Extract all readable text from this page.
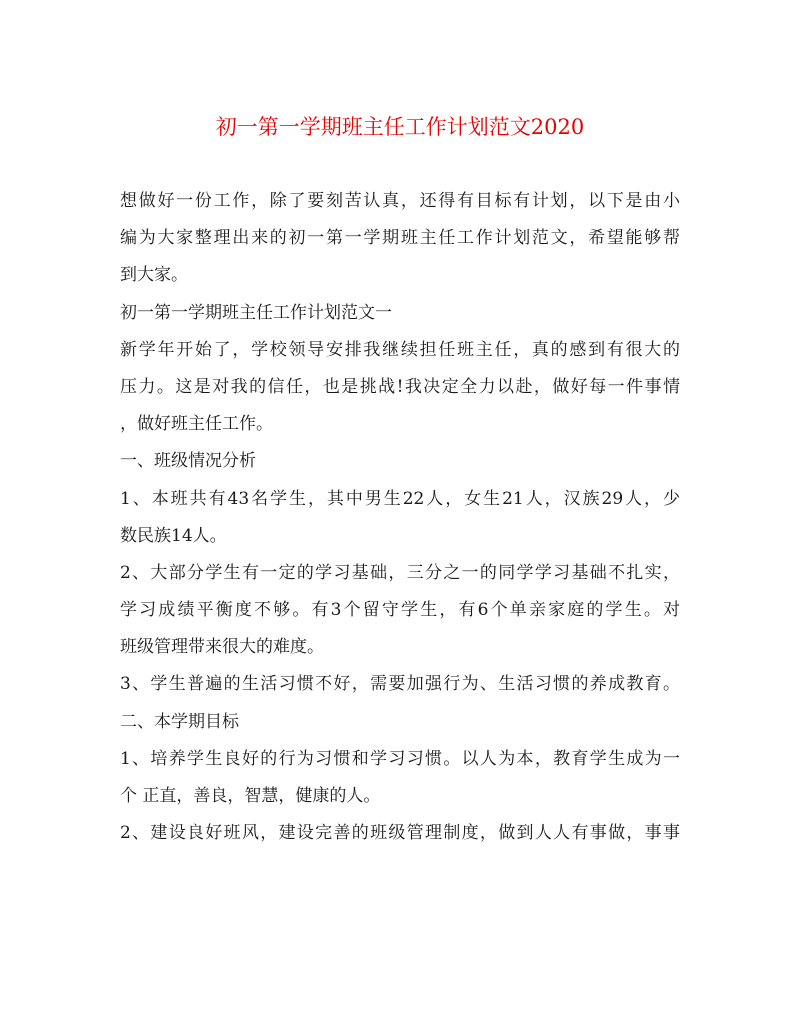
初一第一学期班主任工作计划范文2020
想做好一份工作，除了要刻苦认真，还得有目标有计划，以下是由小
编为大家整理出来的初一第一学期班主任工作计划范文，希望能够帮
到大家。
初一第一学期班主任工作计划范文一
新学年开始了，学校领导安排我继续担任班主任，真的感到有很大的
压力。这是对我的信任，也是挑战!我决定全力以赴，做好每一件事情
，做好班主任工作。
一、班级情况分析
1、本班共有43名学生，其中男生22人，女生21人，汉族29人，少
数民族14人。
2、大部分学生有一定的学习基础，三分之一的同学学习基础不扎实，
学习成绩平衡度不够。有3个留守学生，有6个单亲家庭的学生。对
班级管理带来很大的难度。
3、学生普遍的生活习惯不好，需要加强行为、生活习惯的养成教育。
二、本学期目标
1、培养学生良好的行为习惯和学习习惯。以人为本，教育学生成为一
个 正直，善良，智慧，健康的人。
2、建设良好班风，建设完善的班级管理制度，做到人人有事做，事事
